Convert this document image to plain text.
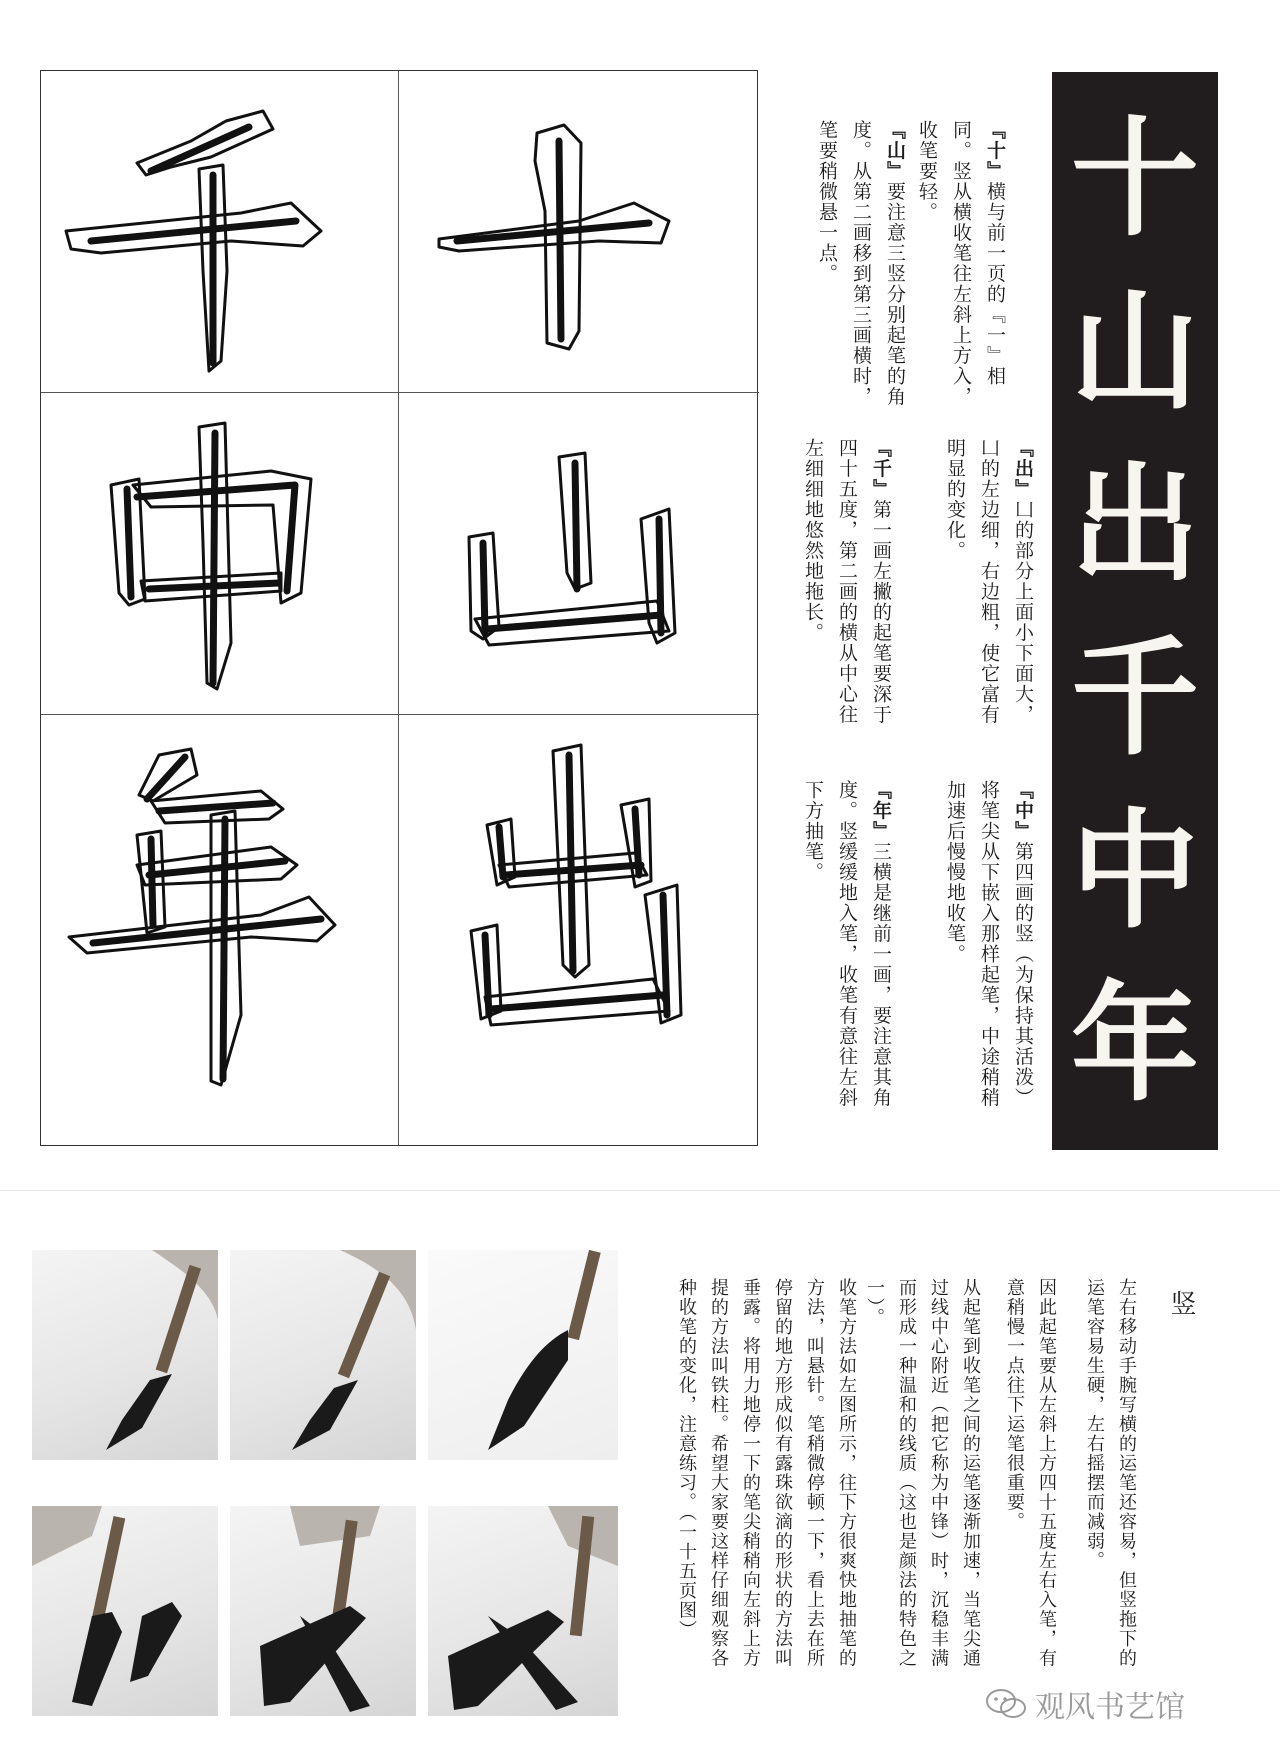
十
山
出
千
中
年
『十』横与前一页的『一』相同。竖从横收笔往左斜上方入，收笔要轻。
『山』要注意三竖分别起笔的角度。从第二画移到第三画横时，笔要稍微悬一点。
『出』凵的部分上面小下面大，凵的左边细，右边粗，使它富有明显的变化。
『千』第一画左撇的起笔要深于四十五度，第二画的横从中心往左细细地悠然地拖长。
『中』第四画的竖（为保持其活泼）将笔尖从下嵌入那样起笔，中途稍稍加速后慢慢地收笔。
『年』三横是继前一画，要注意其角度。竖缓缓地入笔，收笔有意往左斜下方抽笔。
竖
左右移动手腕写横的运笔还容易，但竖拖下的运笔容易生硬，左右摇摆而减弱。
因此起笔要从左斜上方四十五度左右入笔，有意稍慢一点往下运笔很重要。
从起笔到收笔之间的运笔逐渐加速，当笔尖通过线中心附近（把它称为中锋）时，沉稳丰满而形成一种温和的线质（这也是颜法的特色之一）。
收笔方法如左图所示，往下方很爽快地抽笔的方法，叫悬针。笔稍微停顿一下，看上去在所停留的地方形成似有露珠欲滴的形状的方法叫垂露。将用力地停一下的笔尖稍稍向左斜上方提的方法叫铁柱。希望大家要这样仔细观察各种收笔的变化，注意练习。（一十五页图）
观风书艺馆
